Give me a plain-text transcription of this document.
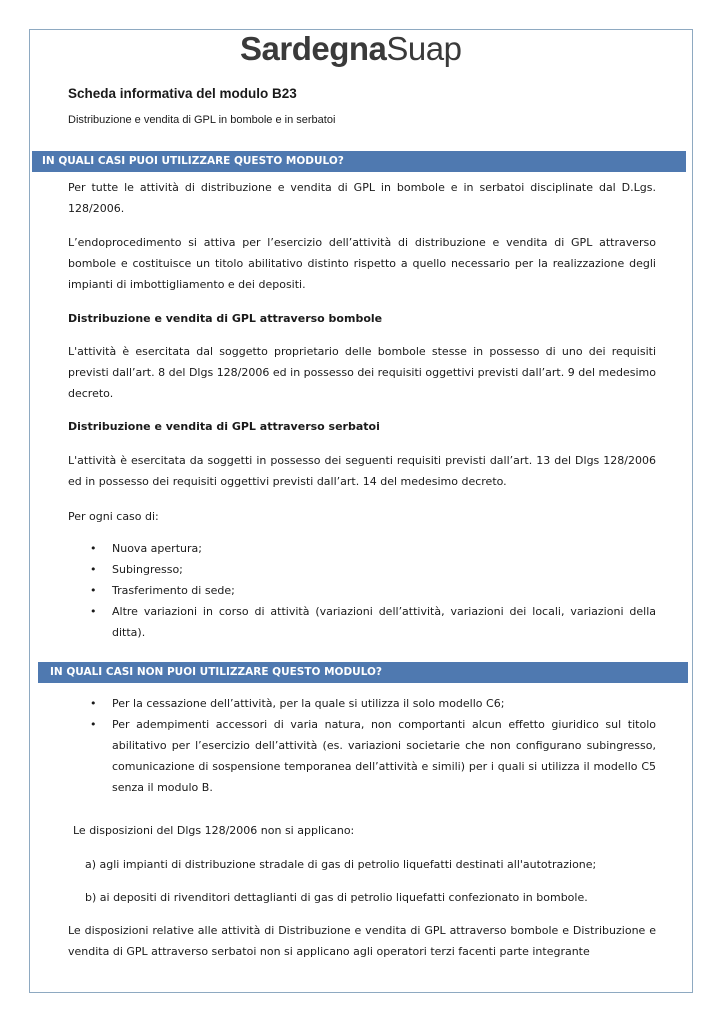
SardegnaSuap
Scheda informativa del modulo B23
Distribuzione e vendita di GPL in bombole e in serbatoi
IN QUALI CASI PUOI UTILIZZARE QUESTO MODULO?

Per tutte le attività di distribuzione e vendita di GPL in bombole e in serbatoi disciplinate dal D.Lgs. 128/2006.

L’endoprocedimento si attiva per l’esercizio dell’attività di distribuzione e vendita di GPL attraverso bombole e costituisce un titolo abilitativo distinto rispetto a quello necessario per la realizzazione degli impianti di imbottigliamento e dei depositi.

Distribuzione e vendita di GPL attraverso bombole

L'attività è esercitata dal soggetto proprietario delle bombole stesse in possesso di uno dei requisiti previsti dall’art. 8 del Dlgs 128/2006 ed in possesso dei requisiti oggettivi previsti dall’art. 9 del medesimo decreto.

Distribuzione e vendita di GPL attraverso serbatoi

L'attività è esercitata da soggetti in possesso dei seguenti requisiti previsti dall’art. 13 del Dlgs 128/2006 ed in possesso dei requisiti oggettivi previsti dall’art. 14 del medesimo decreto.

Per ogni caso di:

•	Nuova apertura;
•	Subingresso;
•	Trasferimento di sede;
•	Altre variazioni in corso di attività (variazioni dell’attività, variazioni dei locali, variazioni della ditta).
IN QUALI CASI NON PUOI UTILIZZARE QUESTO MODULO?
•	Per la cessazione dell’attività, per la quale si utilizza il solo modello C6;
•	Per adempimenti accessori di varia natura, non comportanti alcun effetto giuridico sul titolo abilitativo per l’esercizio dell’attività (es. variazioni societarie che non configurano subingresso, comunicazione di sospensione temporanea dell’attività e simili) per i quali si utilizza il modello C5 senza il modulo B.

Le disposizioni del Dlgs 128/2006 non si applicano:

a) agli impianti di distribuzione stradale di gas di petrolio liquefatti destinati all'autotrazione;

b) ai depositi di rivenditori dettaglianti di gas di petrolio liquefatti confezionato in bombole.

Le disposizioni relative alle attività di Distribuzione e vendita di GPL attraverso bombole e Distribuzione e vendita di GPL attraverso serbatoi non si applicano agli operatori terzi facenti parte integrante
